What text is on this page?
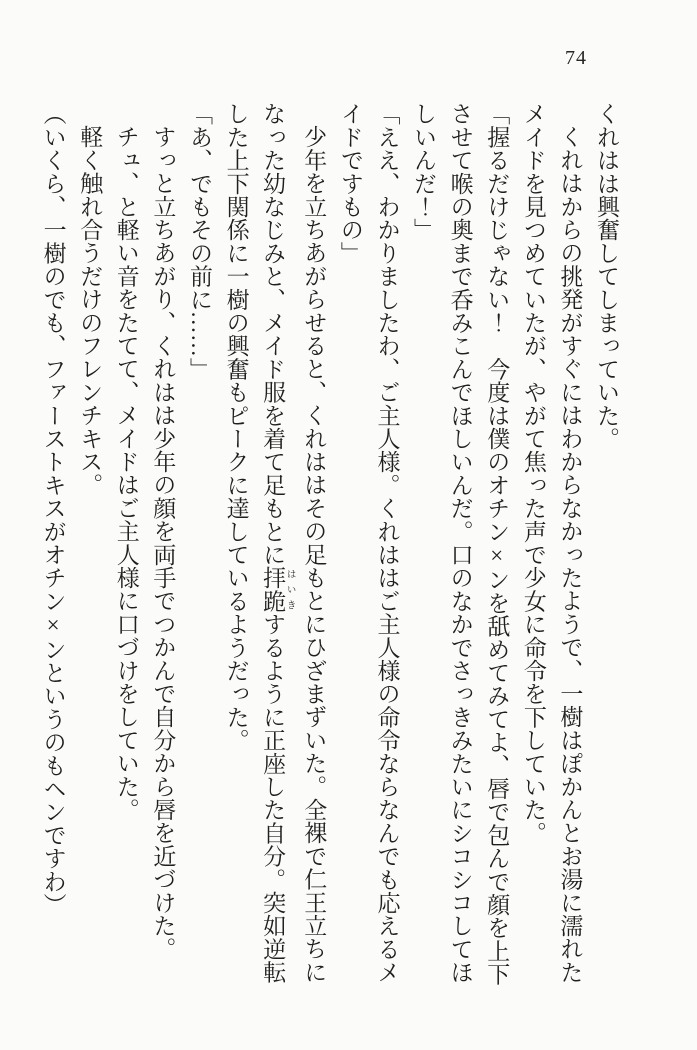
74
くれはは興奮してしまっていた。
くれはからの挑発がすぐにはわからなかったようで、一樹はぽかんとお湯に濡れた
メイドを見つめていたが、やがて焦った声で少女に命令を下していた。
「握るだけじゃない！　今度は僕のオチン×ンを舐めてみてよ、唇で包んで顔を上下
させて喉の奥まで呑みこんでほしいんだ。口のなかでさっきみたいにシコシコしてほ
しいんだ！」
「ええ、わかりましたわ、ご主人様。くれははご主人様の命令ならなんでも応えるメ
イドですもの」
少年を立ちあがらせると、くれははその足もとにひざまずいた。全裸で仁王立ちに
なった幼なじみと、メイド服を着て足もとに拝跪 はいきするように正座した自分。突如逆転
した上下関係に一樹の興奮もピークに達しているようだった。
「あ、でもその前に……」
すっと立ちあがり、くれはは少年の顔を両手でつかんで自分から唇を近づけた。
チュ、と軽い音をたてて、メイドはご主人様に口づけをしていた。
軽く触れ合うだけのフレンチキス。
（いくら、一樹のでも、ファーストキスがオチン×ンというのもヘンですわ）
